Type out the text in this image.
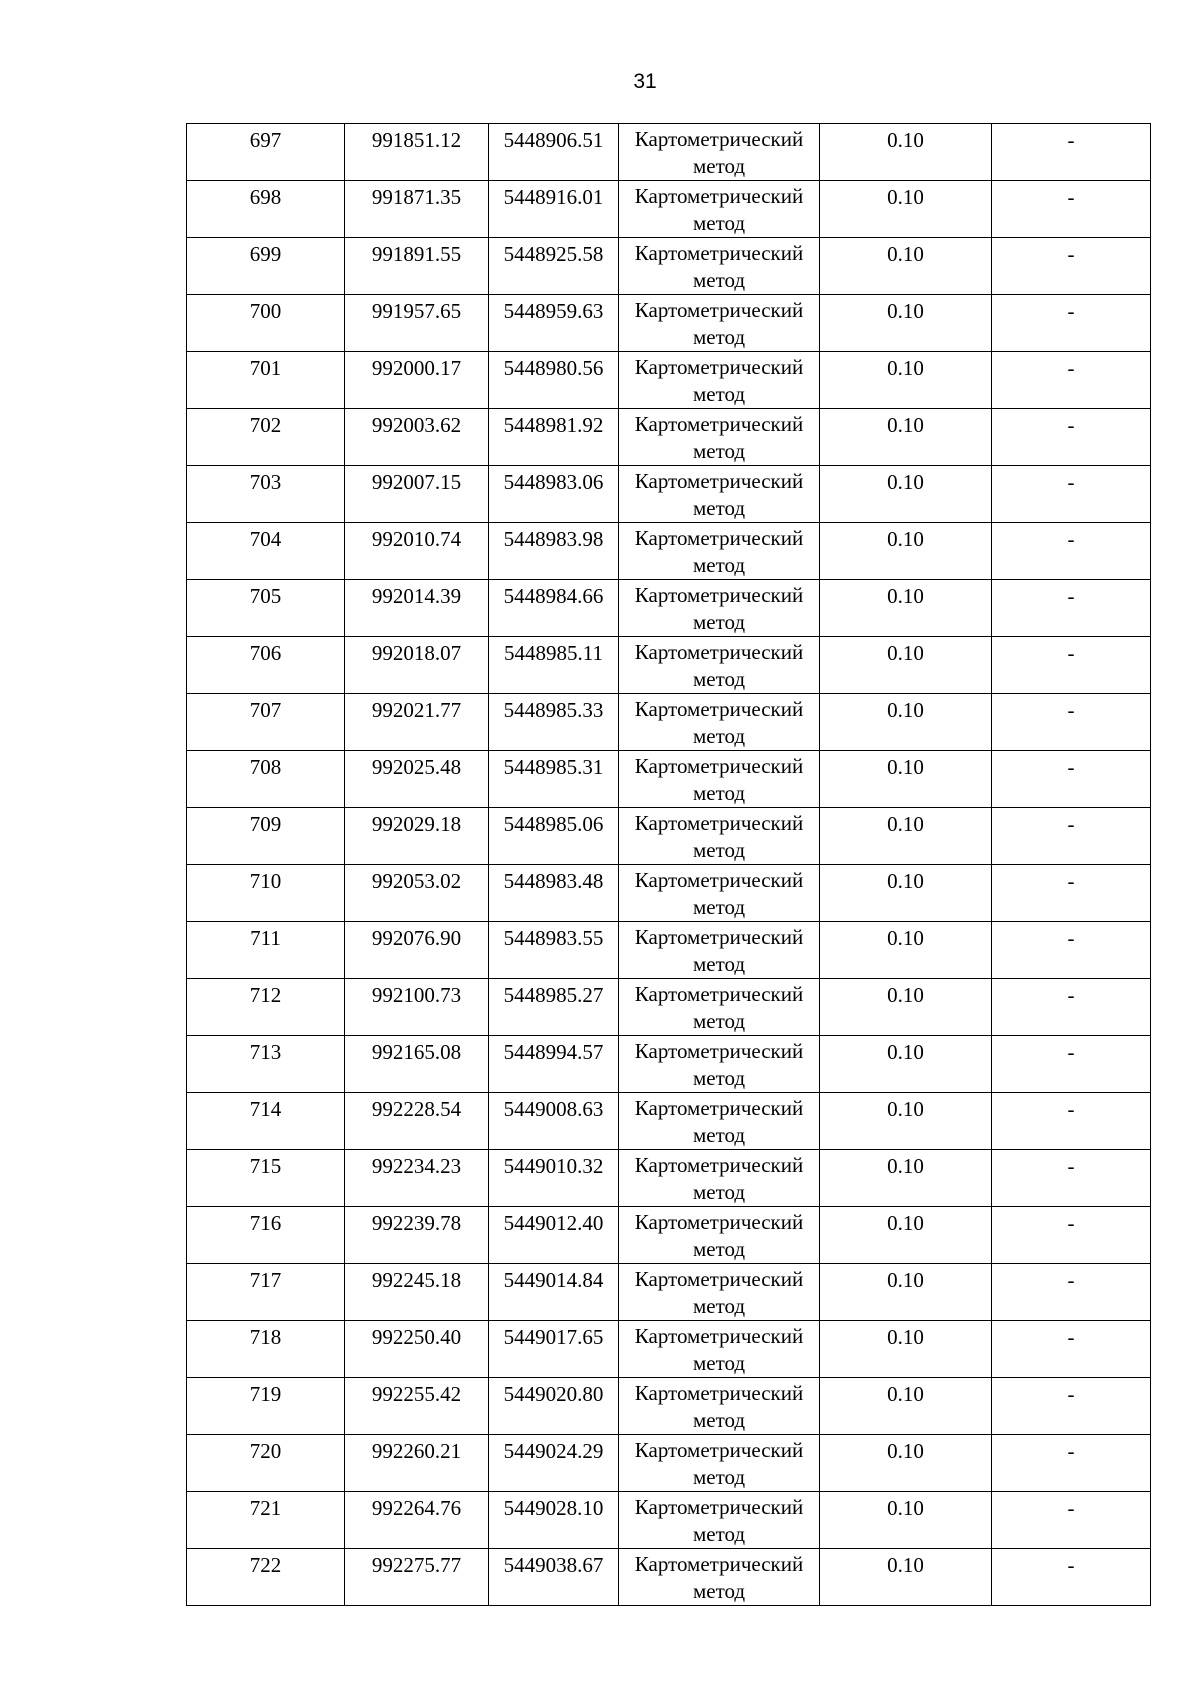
31
697	991851.12	5448906.51	Картометрический метод	0.10	-
698	991871.35	5448916.01	Картометрический метод	0.10	-
699	991891.55	5448925.58	Картометрический метод	0.10	-
700	991957.65	5448959.63	Картометрический метод	0.10	-
701	992000.17	5448980.56	Картометрический метод	0.10	-
702	992003.62	5448981.92	Картометрический метод	0.10	-
703	992007.15	5448983.06	Картометрический метод	0.10	-
704	992010.74	5448983.98	Картометрический метод	0.10	-
705	992014.39	5448984.66	Картометрический метод	0.10	-
706	992018.07	5448985.11	Картометрический метод	0.10	-
707	992021.77	5448985.33	Картометрический метод	0.10	-
708	992025.48	5448985.31	Картометрический метод	0.10	-
709	992029.18	5448985.06	Картометрический метод	0.10	-
710	992053.02	5448983.48	Картометрический метод	0.10	-
711	992076.90	5448983.55	Картометрический метод	0.10	-
712	992100.73	5448985.27	Картометрический метод	0.10	-
713	992165.08	5448994.57	Картометрический метод	0.10	-
714	992228.54	5449008.63	Картометрический метод	0.10	-
715	992234.23	5449010.32	Картометрический метод	0.10	-
716	992239.78	5449012.40	Картометрический метод	0.10	-
717	992245.18	5449014.84	Картометрический метод	0.10	-
718	992250.40	5449017.65	Картометрический метод	0.10	-
719	992255.42	5449020.80	Картометрический метод	0.10	-
720	992260.21	5449024.29	Картометрический метод	0.10	-
721	992264.76	5449028.10	Картометрический метод	0.10	-
722	992275.77	5449038.67	Картометрический метод	0.10	-
